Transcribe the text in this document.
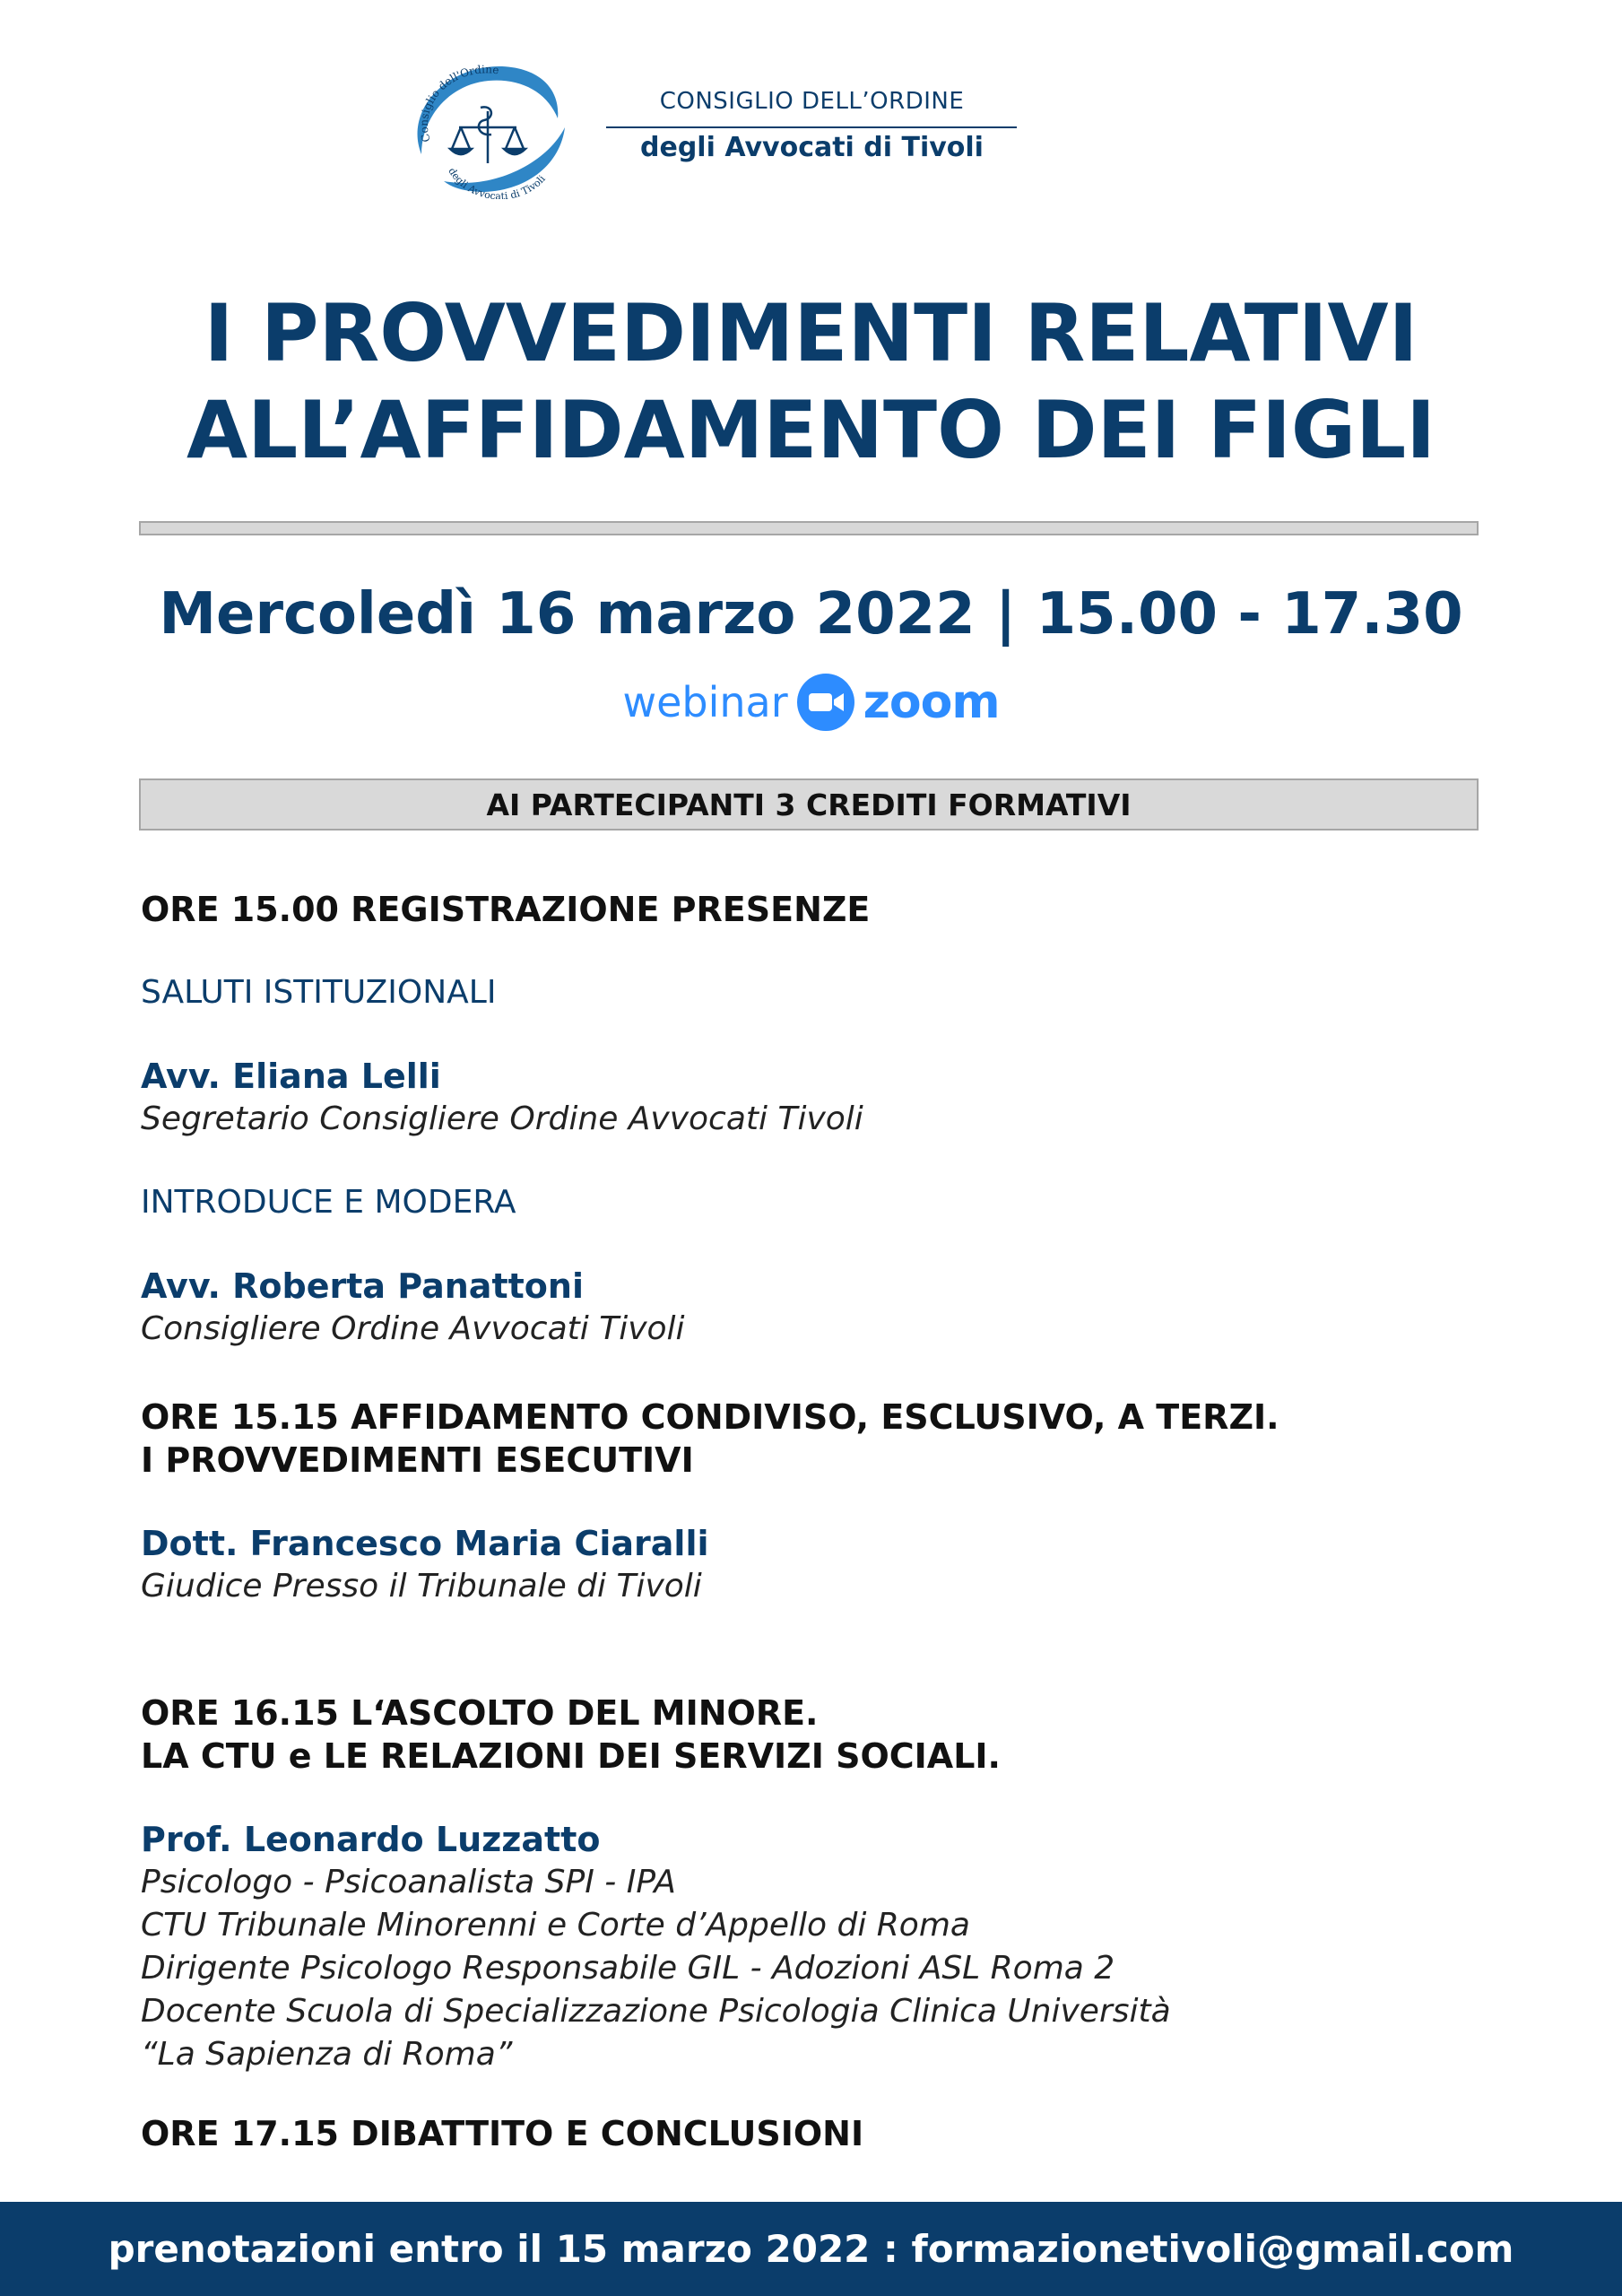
Consiglio dell'Ordine
degli Avvocati di Tivoli
CONSIGLIO DELL’ORDINE
degli Avvocati di Tivoli
I PROVVEDIMENTI RELATIVI
ALL’AFFIDAMENTO DEI FIGLI
Mercoledì 16 marzo 2022 | 15.00 - 17.30
webinar zoom
AI PARTECIPANTI 3 CREDITI FORMATIVI
ORE 15.00 REGISTRAZIONE PRESENZE
SALUTI ISTITUZIONALI
Avv. Eliana Lelli
Segretario Consigliere Ordine Avvocati Tivoli
INTRODUCE E MODERA
Avv. Roberta Panattoni
Consigliere Ordine Avvocati Tivoli
ORE 15.15 AFFIDAMENTO CONDIVISO, ESCLUSIVO, A TERZI.
I PROVVEDIMENTI ESECUTIVI
Dott. Francesco Maria Ciaralli
Giudice Presso il Tribunale di Tivoli
ORE 16.15 L‘ASCOLTO DEL MINORE.
LA CTU e LE RELAZIONI DEI SERVIZI SOCIALI.
Prof. Leonardo Luzzatto
Psicologo - Psicoanalista SPI - IPA
CTU Tribunale Minorenni e Corte d’Appello di Roma
Dirigente Psicologo Responsabile GIL - Adozioni ASL Roma 2
Docente Scuola di Specializzazione Psicologia Clinica Università
“La Sapienza di Roma”
ORE 17.15 DIBATTITO E CONCLUSIONI
prenotazioni entro il 15 marzo 2022 : formazionetivoli@gmail.com
